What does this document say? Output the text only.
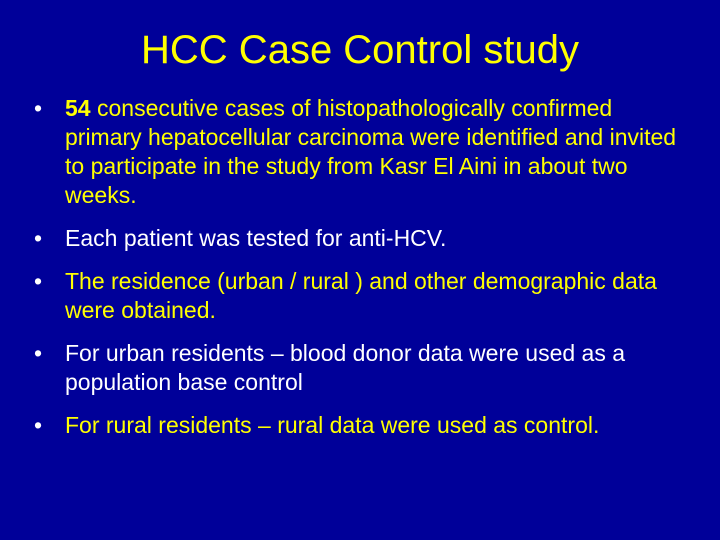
HCC Case Control study
• 54 consecutive cases of histopathologically confirmed primary hepatocellular carcinoma were identified and invited to participate in the study from Kasr El Aini in about two weeks.
• Each patient was tested for anti-HCV.
• The residence (urban / rural ) and other demographic data were obtained.
• For urban residents – blood donor data were used as a population base control
• For rural residents – rural data were used as control.
